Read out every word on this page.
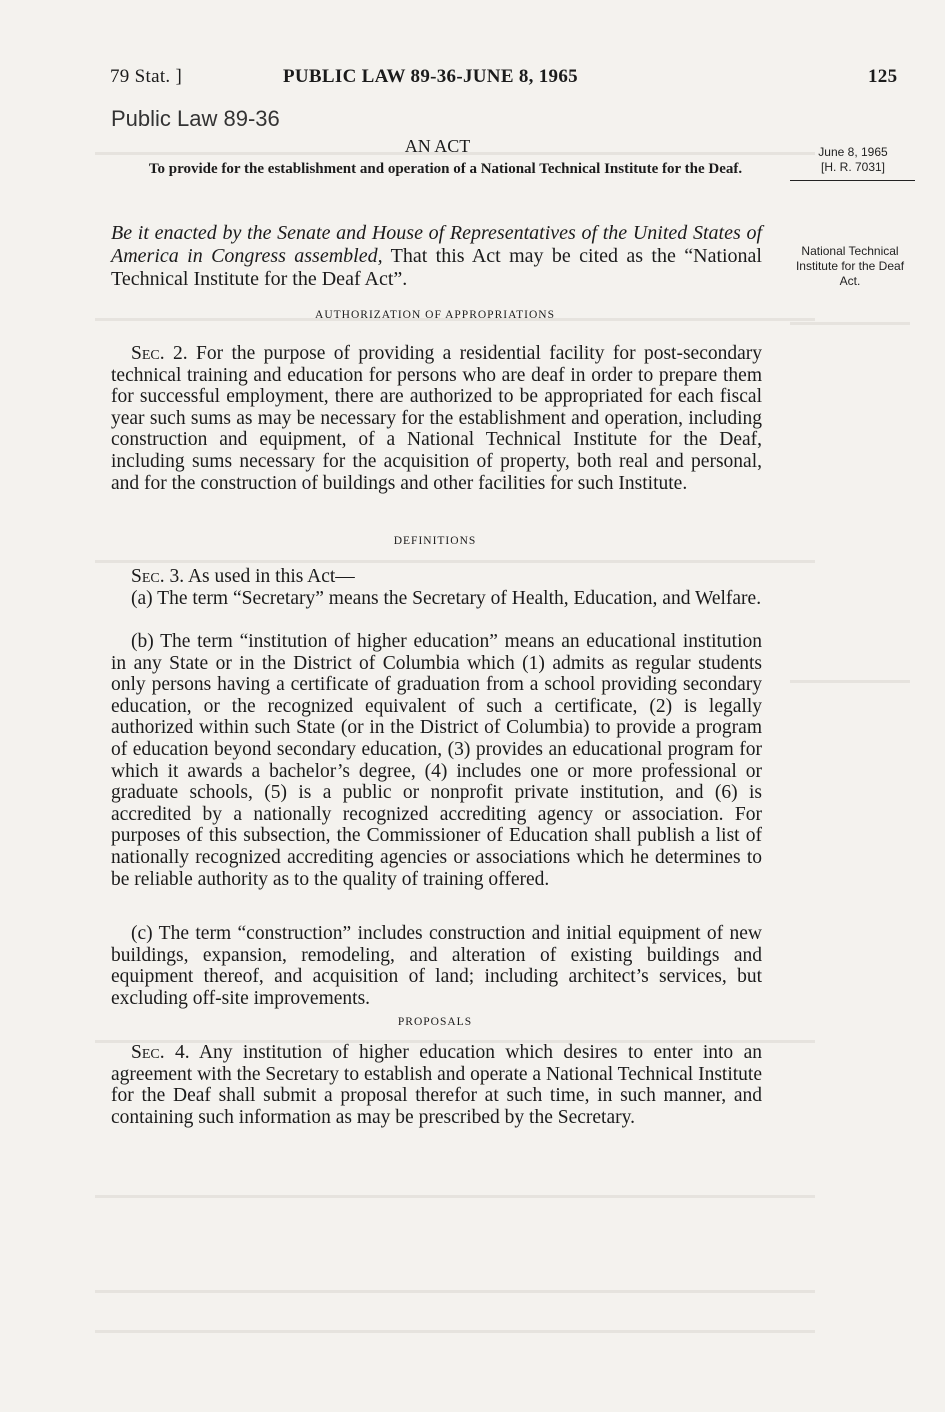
79 Stat. ]	PUBLIC LAW 89-36-JUNE 8, 1965	125
Public Law 89-36
AN ACT
To provide for the establishment and operation of a National Technical Institute for the Deaf.
June 8, 1965
[H. R. 7031]
National Technical Institute for the Deaf Act.
Be it enacted by the Senate and House of Representatives of the United States of America in Congress assembled, That this Act may be cited as the “National Technical Institute for the Deaf Act”.
AUTHORIZATION OF APPROPRIATIONS
Sec. 2. For the purpose of providing a residential facility for post-secondary technical training and education for persons who are deaf in order to prepare them for successful employment, there are authorized to be appropriated for each fiscal year such sums as may be necessary for the establishment and operation, including construction and equipment, of a National Technical Institute for the Deaf, including sums necessary for the acquisition of property, both real and personal, and for the construction of buildings and other facilities for such Institute.
DEFINITIONS
Sec. 3. As used in this Act—
(a) The term “Secretary” means the Secretary of Health, Education, and Welfare.
(b) The term “institution of higher education” means an educational institution in any State or in the District of Columbia which (1) admits as regular students only persons having a certificate of graduation from a school providing secondary education, or the recognized equivalent of such a certificate, (2) is legally authorized within such State (or in the District of Columbia) to provide a program of education beyond secondary education, (3) provides an educational program for which it awards a bachelor’s degree, (4) includes one or more professional or graduate schools, (5) is a public or nonprofit private institution, and (6) is accredited by a nationally recognized accrediting agency or association. For purposes of this subsection, the Commissioner of Education shall publish a list of nationally recognized accrediting agencies or associations which he determines to be reliable authority as to the quality of training offered.
(c) The term “construction” includes construction and initial equipment of new buildings, expansion, remodeling, and alteration of existing buildings and equipment thereof, and acquisition of land; including architect’s services, but excluding off-site improvements.
PROPOSALS
Sec. 4. Any institution of higher education which desires to enter into an agreement with the Secretary to establish and operate a National Technical Institute for the Deaf shall submit a proposal therefor at such time, in such manner, and containing such information as may be prescribed by the Secretary.
